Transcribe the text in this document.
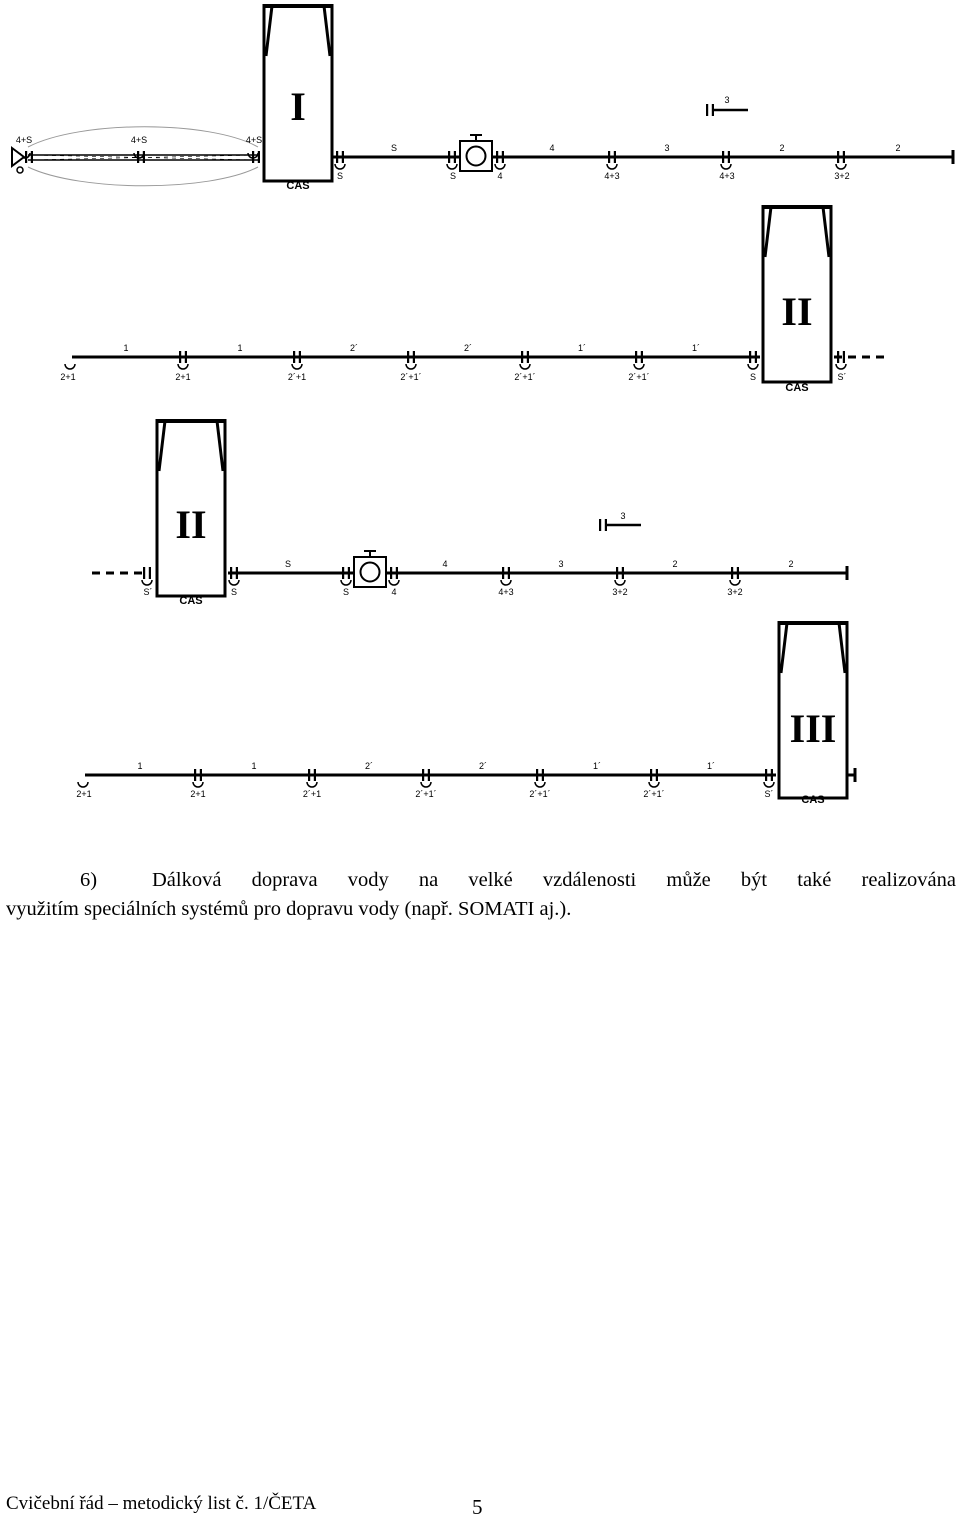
I
CAS
3
4+S	4+S	4+S
S	4	3	2	2
S	S	4	4+3	4+3	3+2
II
CAS
1	1	2´	2´	1´	1´
2+1	2+1	2´+1	2´+1´	2´+1´	2´+1´	S	S´
II
CAS
3
S	4	3	2	2
S´	S	S	4	4+3	3+2	3+2
III
CAS
1	1	2´	2´	1´	1´
2+1	2+1	2´+1	2´+1´	2´+1´	2´+1´	S´
6)	Dálková doprava vody na velké vzdálenosti může být také realizována
využitím speciálních systémů pro dopravu vody (např. SOMATI aj.).
Cvičební řád – metodický list č. 1/ČETA	5
